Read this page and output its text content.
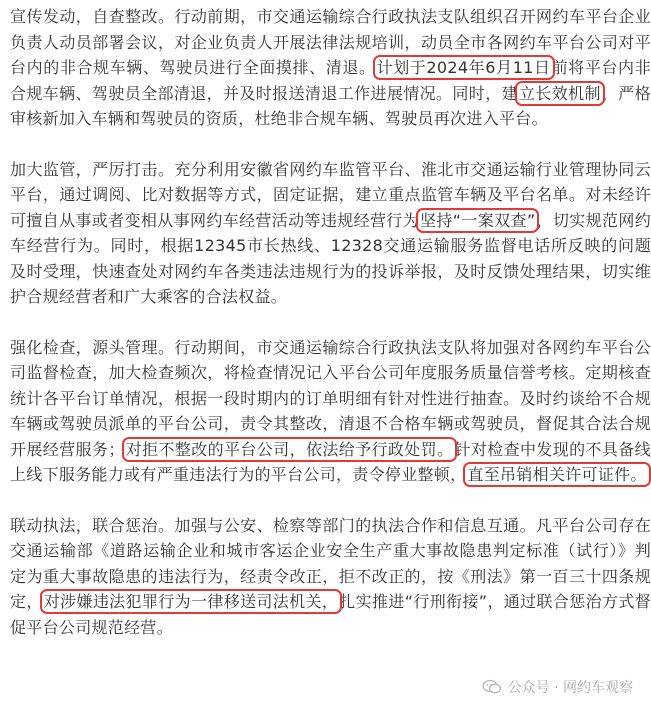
宣传发动，自查整改。行动前期，市交通运输综合行政执法支队组织召开网约车平台企业负责人动员部署会议，对企业负责人开展法律法规培训，动员全市各网约车平台公司对平台内的非合规车辆、驾驶员进行全面摸排、清退。计划于2024年6月11日前将平台内非合规车辆、驾驶员全部清退，并及时报送清退工作进展情况。同时，建立长效机制，严格审核新加入车辆和驾驶员的资质，杜绝非合规车辆、驾驶员再次进入平台。

加大监管，严厉打击。充分利用安徽省网约车监管平台、淮北市交通运输行业管理协同云平台，通过调阅、比对数据等方式，固定证据，建立重点监管车辆及平台名单。对未经许可擅自从事或者变相从事网约车经营活动等违规经营行为坚持“一案双查”，切实规范网约车经营行为。同时，根据12345市长热线、12328交通运输服务监督电话所反映的问题及时受理，快速查处对网约车各类违法违规行为的投诉举报，及时反馈处理结果，切实维护合规经营者和广大乘客的合法权益。

强化检查，源头管理。行动期间，市交通运输综合行政执法支队将加强对各网约车平台公司监督检查，加大检查频次，将检查情况记入平台公司年度服务质量信誉考核。定期核查统计各平台订单情况，根据一段时期内的订单明细有针对性进行抽查。及时约谈给不合规车辆或驾驶员派单的平台公司，责令其整改，清退不合格车辆或驾驶员，督促其合法合规开展经营服务；对拒不整改的平台公司，依法给予行政处罚。针对检查中发现的不具备线上线下服务能力或有严重违法行为的平台公司，责令停业整顿，直至吊销相关许可证件。

联动执法，联合惩治。加强与公安、检察等部门的执法合作和信息互通。凡平台公司存在交通运输部《道路运输企业和城市客运企业安全生产重大事故隐患判定标准（试行）》判定为重大事故隐患的违法行为，经责令改正，拒不改正的，按《刑法》第一百三十四条规定，对涉嫌违法犯罪行为一律移送司法机关，扎实推进“行刑衔接”，通过联合惩治方式督促平台公司规范经营。

公众号 · 网约车观察
